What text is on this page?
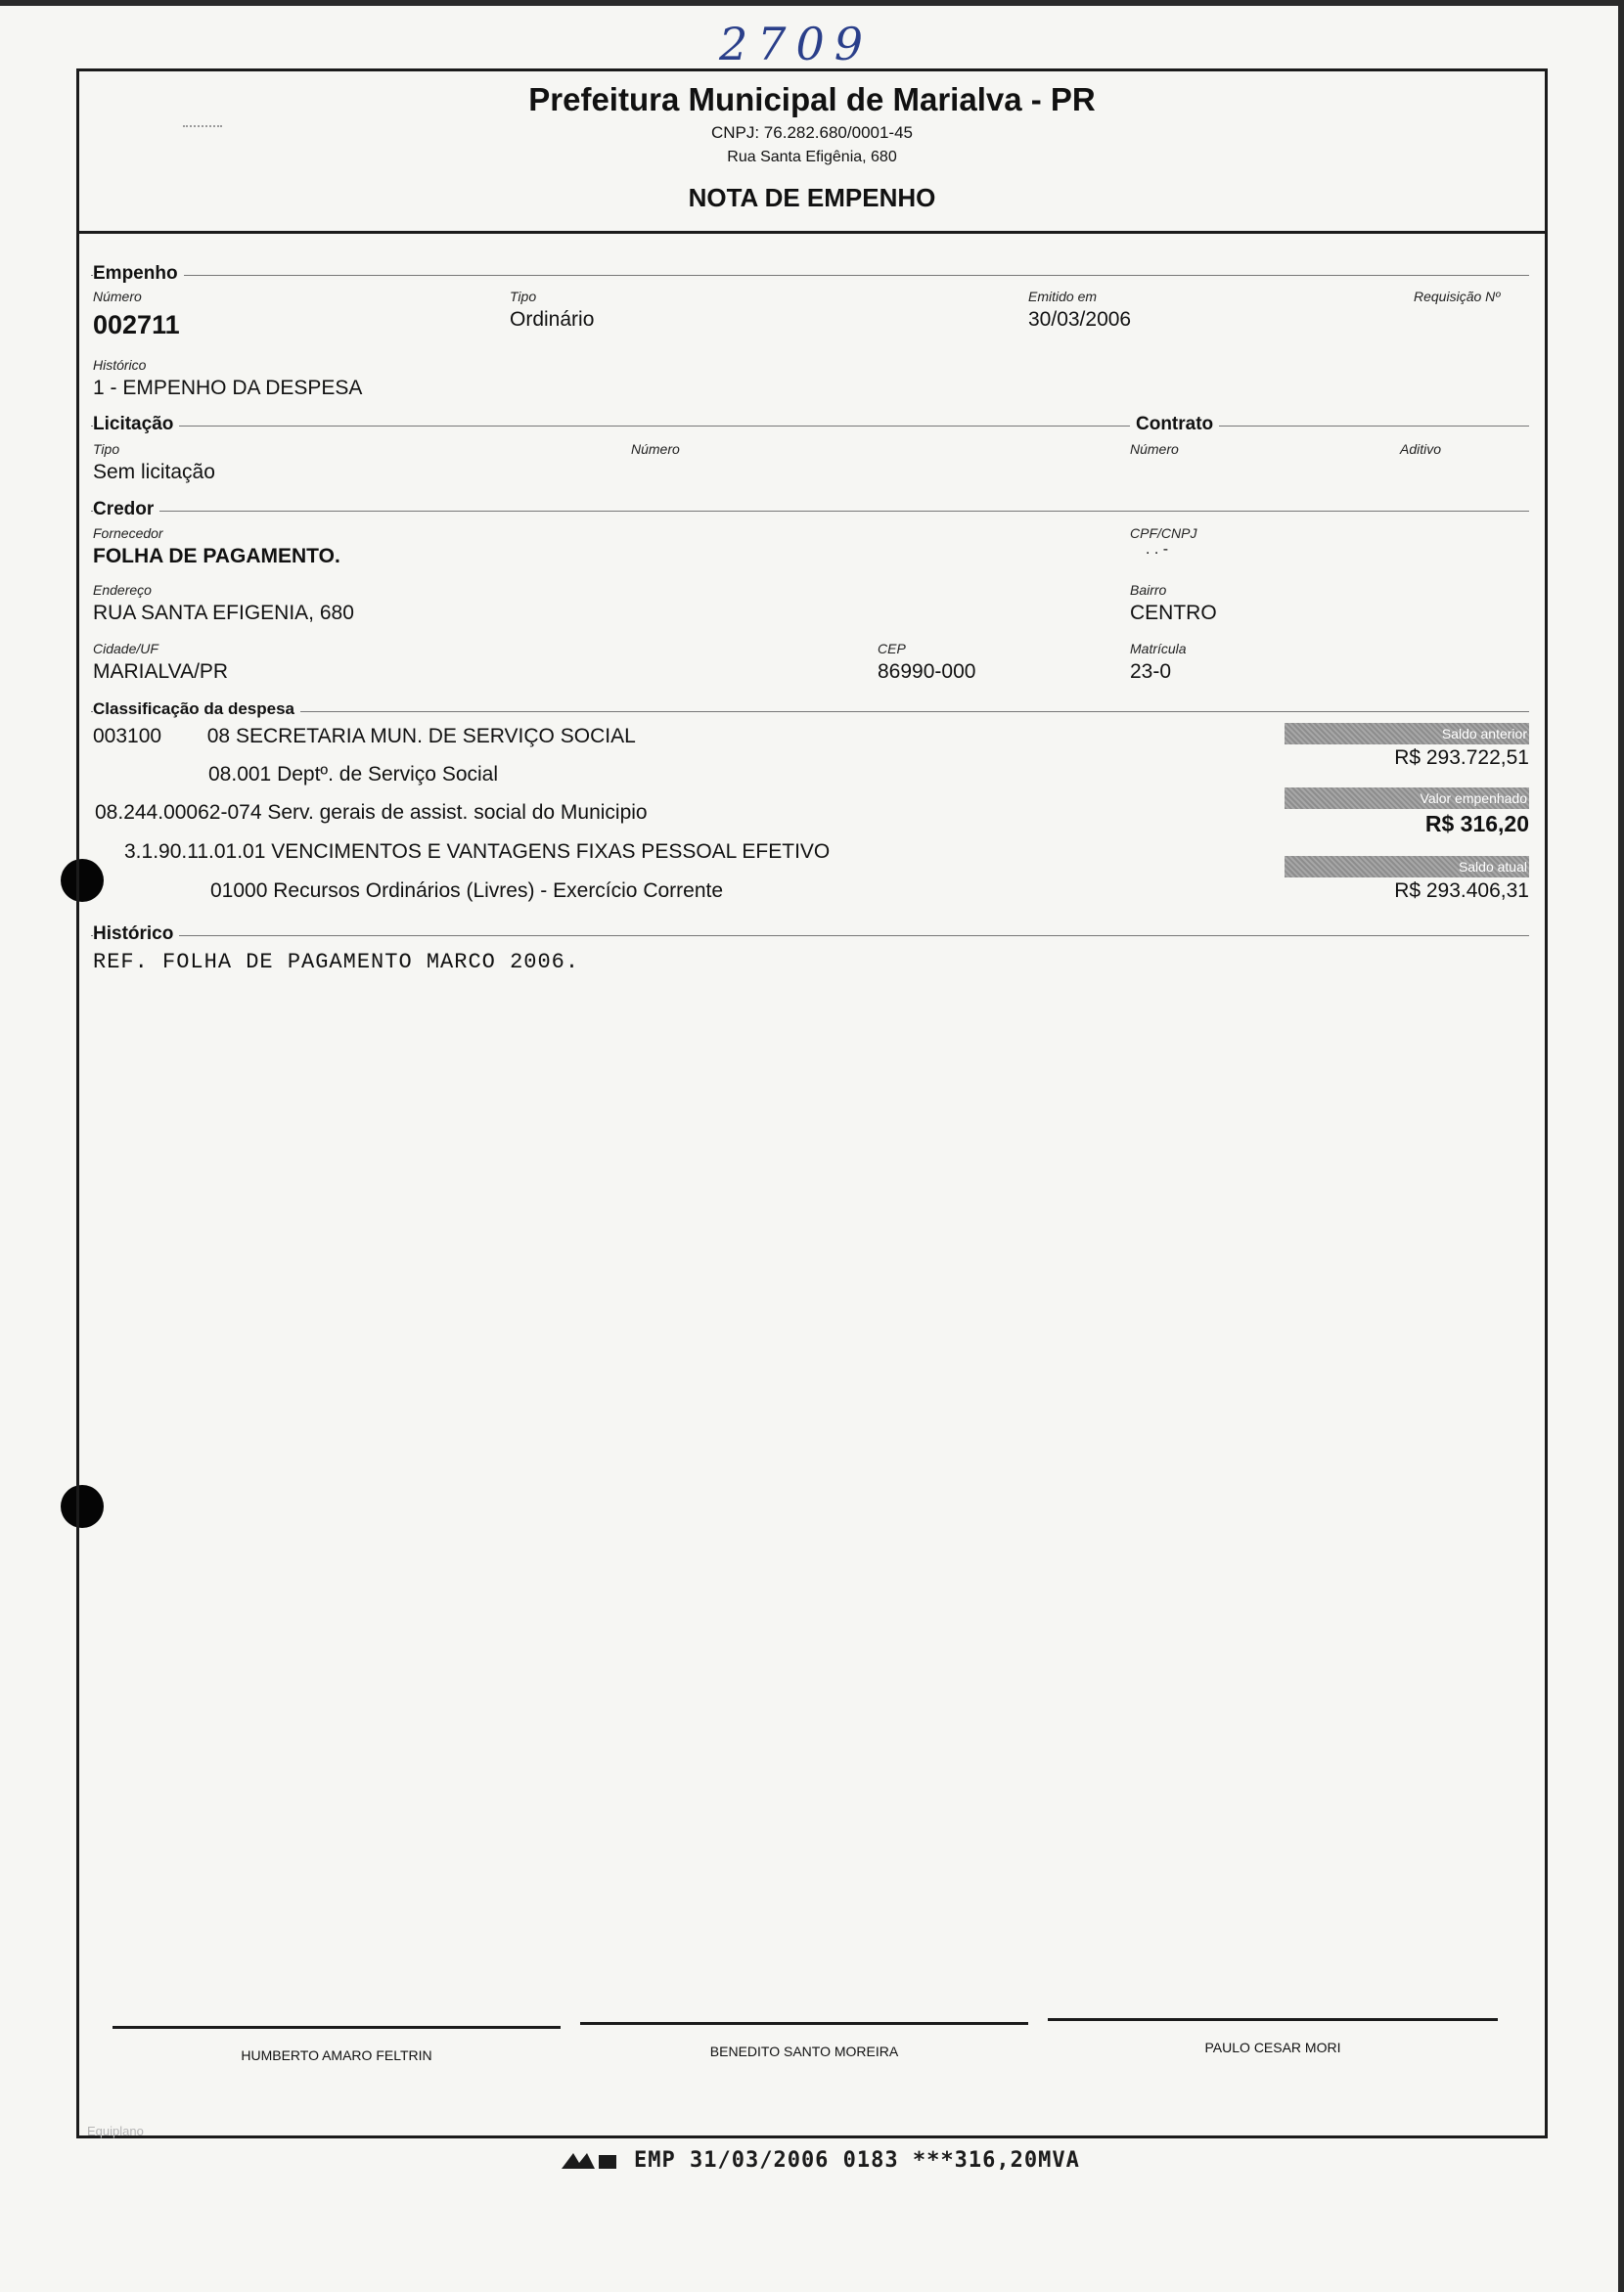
2709
Prefeitura Municipal de Marialva - PR
CNPJ: 76.282.680/0001-45
Rua Santa Efigênia, 680
NOTA DE EMPENHO
Empenho
Número
002711
Tipo
Ordinário
Emitido em
30/03/2006
Requisição Nº
Histórico
1 - EMPENHO DA DESPESA
Licitação	Contrato
Tipo
Sem licitação
Número	Número	Aditivo
Credor
Fornecedor
FOLHA DE PAGAMENTO.
CPF/CNPJ
. . -
Endereço
RUA SANTA EFIGENIA, 680
Bairro
CENTRO
Cidade/UF
MARIALVA/PR
CEP
86990-000
Matrícula
23-0
Classificação da despesa
003100        08 SECRETARIA MUN. DE SERVIÇO SOCIAL
08.001 Deptº. de Serviço Social
08.244.00062-074 Serv. gerais de assist. social do Municipio
3.1.90.11.01.01 VENCIMENTOS E VANTAGENS FIXAS PESSOAL EFETIVO
01000 Recursos Ordinários (Livres) - Exercício Corrente
Saldo anterior
R$ 293.722,51
Valor empenhado
R$ 316,20
Saldo atual
R$ 293.406,31
Histórico
REF. FOLHA DE PAGAMENTO MARCO 2006.
HUMBERTO AMARO FELTRIN	BENEDITO SANTO MOREIRA	PAULO CESAR MORI
Equiplano
EMP 31/03/2006 0183 ***316,20MVA
